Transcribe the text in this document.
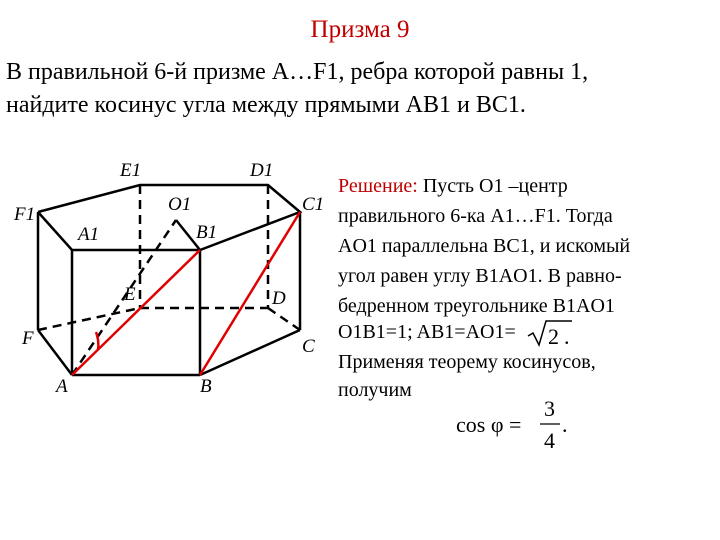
Призма 9
В правильной 6-й призме A…F1, ребра которой равны 1,
найдите косинус угла между прямыми AB1 и BC1.
E1	D1
F1	O1	C1
A1	B1
E	D
F	C
A	B
Решение: Пусть O1 –центр
правильного 6-ка A1…F1. Тогда
AO1 параллельна BC1, и искомый
угол равен углу B1AO1. В равно-
бедренном треугольнике B1AO1
O1B1=1; AB1=AO1= 2 .
Применяя теорему косинусов,
получим
cos φ =
3
4
.
